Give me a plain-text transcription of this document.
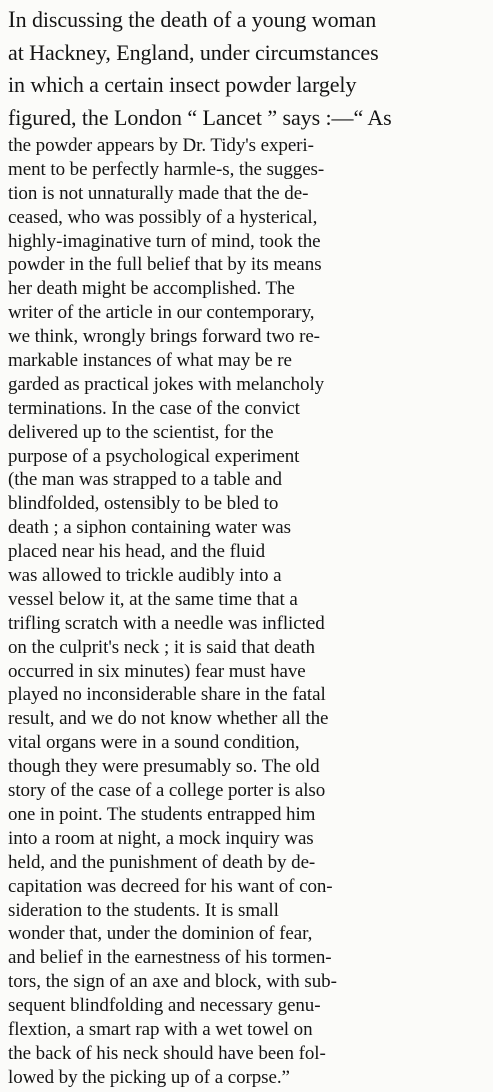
In discussing the death of a young woman
at Hackney, England, under circumstances
in which a certain insect powder largely
figured, the London “ Lancet ” says :—“ As
the powder appears by Dr. Tidy's experi-
ment to be perfectly harmle-s, the sugges-
tion is not unnaturally made that the de-
ceased, who was possibly of a hysterical,
highly-imaginative turn of mind, took the
powder in the full belief that by its means
her death might be accomplished. The
writer of the article in our contemporary,
we think, wrongly brings forward two re-
markable instances of what may be re
garded as practical jokes with melancholy
terminations. In the case of the convict
delivered up to the scientist, for the
purpose of a psychological experiment
(the man was strapped to a table and
blindfolded, ostensibly to be bled to
death ; a siphon containing water was
placed near his head, and the fluid
was allowed to trickle audibly into a
vessel below it, at the same time that a
trifling scratch with a needle was inflicted
on the culprit's neck ; it is said that death
occurred in six minutes) fear must have
played no inconsiderable share in the fatal
result, and we do not know whether all the
vital organs were in a sound condition,
though they were presumably so. The old
story of the case of a college porter is also
one in point. The students entrapped him
into a room at night, a mock inquiry was
held, and the punishment of death by de-
capitation was decreed for his want of con-
sideration to the students. It is small
wonder that, under the dominion of fear,
and belief in the earnestness of his tormen-
tors, the sign of an axe and block, with sub-
sequent blindfolding and necessary genu-
flextion, a smart rap with a wet towel on
the back of his neck should have been fol-
lowed by the picking up of a corpse.”
